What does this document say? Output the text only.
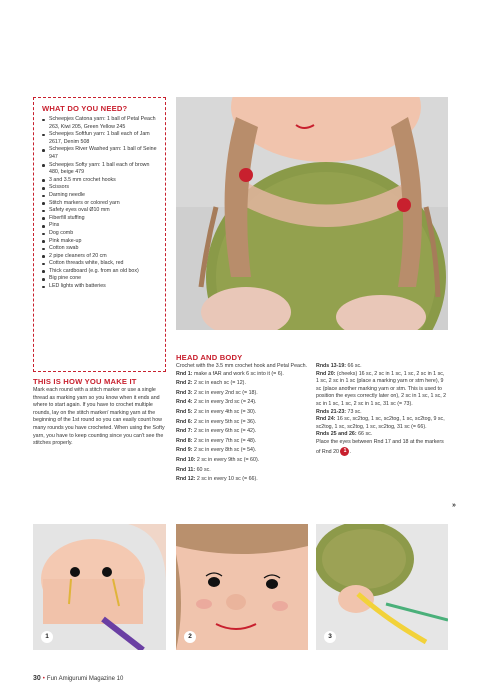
WHAT DO YOU NEED?
Scheepjes Catona yarn: 1 ball of Petal Peach 263, Kiwi 205, Green Yellow 245
Scheepjes Softfun yarn: 1 ball each of Jam 2617, Denim 508
Scheepjes River Washed yarn: 1 ball of Seine 947
Scheepjes Softy yarn: 1 ball each of brown 480, beige 479
3 and 3.5 mm crochet hooks
Scissors
Darning needle
Stitch markers or colored yarn
Safety eyes oval Ø10 mm
Fiberfill stuffing
Pins
Dog comb
Pink make-up
Cotton swab
2 pipe cleaners of 20 cm
Cotton threads white, black, red
Thick cardboard (e.g. from an old box)
Big pine cone
LED lights with batteries
THIS IS HOW YOU MAKE IT
Mark each round with a stitch marker or use a single thread as marking yarn so you know when it ends and where to start again. If you have to crochet multiple rounds, lay on the stitch marker/ marking yarn at the beginning of the 1st round so you can easily count how many rounds you have crocheted. When using the Softy yarn, you have to keep counting since you can't see the stitches properly.
HEAD AND BODY

Crochet with the 3.5 mm crochet hook and Petal Peach.

Rnd 1: make a fAR and work 6 sc into it (= 6).

Rnd 2: 2 sc in each sc (= 12).

Rnd 3: 2 sc in every 2nd sc (= 18).

Rnd 4: 2 sc in every 3rd sc (= 24).

Rnd 5: 2 sc in every 4th sc (= 30).

Rnd 6: 2 sc in every 5th sc (= 36).

Rnd 7: 2 sc in every 6th sc (= 42).

Rnd 8: 2 sc in every 7th sc (= 48).

Rnd 9: 2 sc in every 8th sc (= 54).

Rnd 10: 2 sc in every 9th sc (= 60).

Rnd 11: 60 sc.

Rnd 12: 2 sc in every 10 sc (= 66).

Rnds 13-19: 66 sc.

Rnd 20: (cheeks) 16 sc, 2 sc in 1 sc, 1 sc, 2 sc in 1 sc, 1 sc, 2 sc in 1 sc (place a marking yarn or stm here), 9 sc (place another marking yarn or stm. This is used to position the eyes correctly later on), 2 sc in 1 sc, 1 sc, 2 sc in 1 sc, 1 sc, 2 sc in 1 sc, 31 sc (= 73).

Rnds 21-23: 73 sc.

Rnd 24: 16 sc, sc2tog, 1 sc, sc2tog, 1 sc, sc2tog, 9 sc, sc2tog, 1 sc, sc2tog, 1 sc, sc2tog, 31 sc (= 66).

Rnds 25 and 26: 66 sc.

Place the eyes between Rnd 17 and 18 at the markers of Rnd 20 1 .

»
1	2	3
30 • Fun Amigurumi Magazine 10
